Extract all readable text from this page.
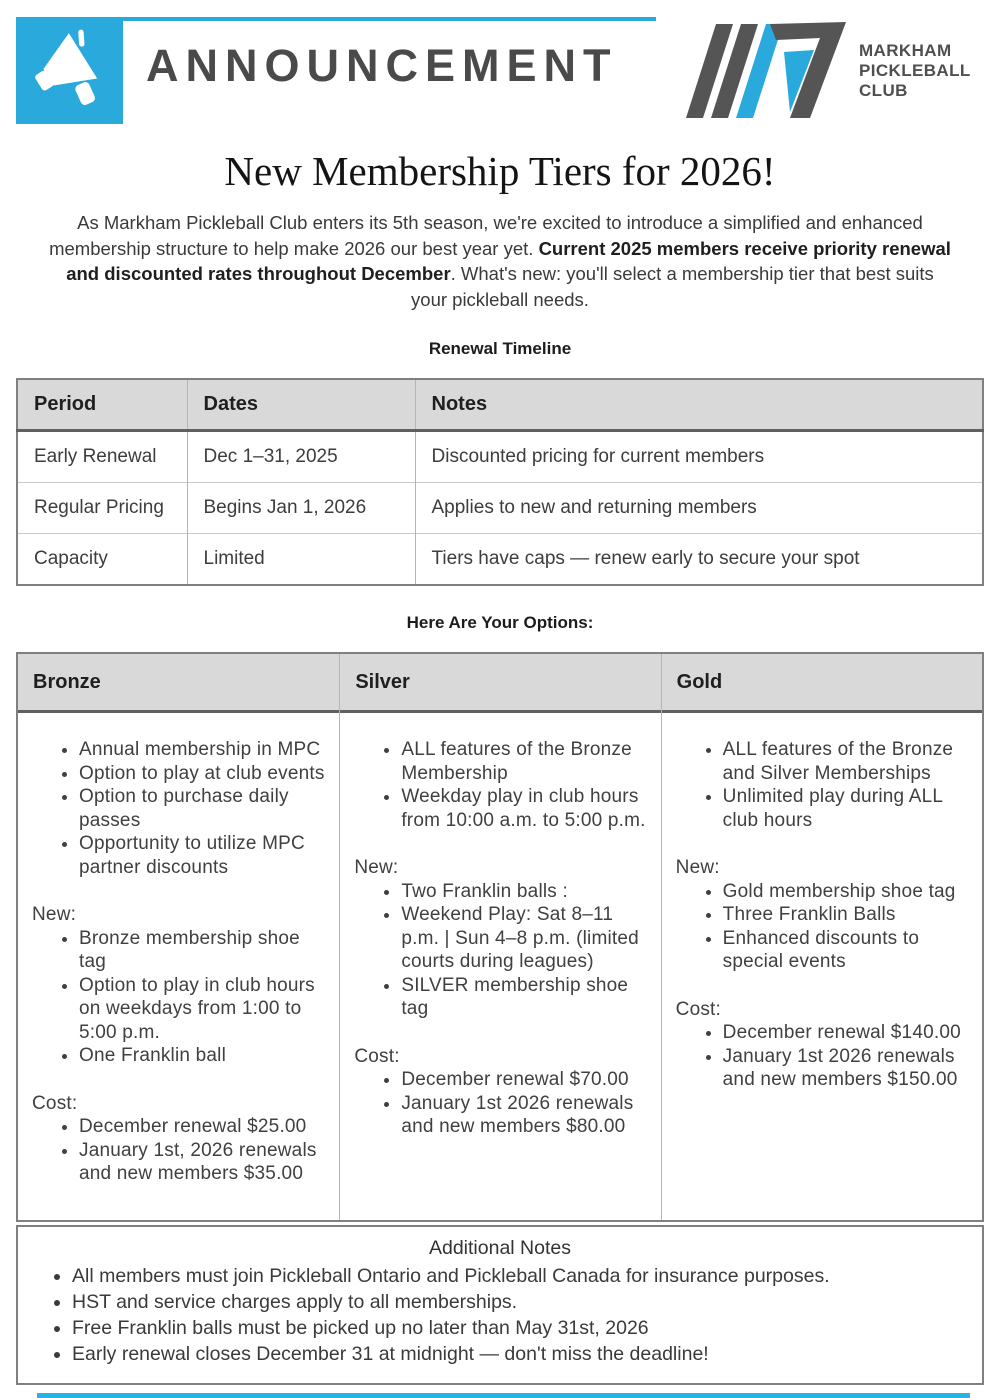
ANNOUNCEMENT	MARKHAM
PICKLEBALL
CLUB
New Membership Tiers for 2026!

As Markham Pickleball Club enters its 5th season, we're excited to introduce a simplified and enhanced membership structure to help make 2026 our best year yet. Current 2025 members receive priority renewal and discounted rates throughout December. What's new: you'll select a membership tier that best suits your pickleball needs.

Renewal Timeline
Period	Dates	Notes
Early Renewal	Dec 1–31, 2025	Discounted pricing for current members
Regular Pricing	Begins Jan 1, 2026	Applies to new and returning members
Capacity	Limited	Tiers have caps — renew early to secure your spot
Here Are Your Options:
Bronze
• Annual membership in MPC
• Option to play at club events
• Option to purchase daily passes
• Opportunity to utilize MPC partner discounts
New:
• Bronze membership shoe tag
• Option to play in club hours on weekdays from 1:00 to 5:00 p.m.
• One Franklin ball
Cost:
• December renewal $25.00
• January 1st, 2026 renewals and new members $35.00
Silver
• ALL features of the Bronze Membership
• Weekday play in club hours from 10:00 a.m. to 5:00 p.m.
New:
• Two Franklin balls :
• Weekend Play: Sat 8–11 p.m. | Sun 4–8 p.m. (limited courts during leagues)
• SILVER membership shoe tag
Cost:
• December renewal $70.00
• January 1st 2026 renewals and new members $80.00
Gold
• ALL features of the Bronze and Silver Memberships
• Unlimited play during ALL club hours
New:
• Gold membership shoe tag
• Three Franklin Balls
• Enhanced discounts to special events
Cost:
• December renewal $140.00
• January 1st 2026 renewals and new members $150.00
Additional Notes
• All members must join Pickleball Ontario and Pickleball Canada for insurance purposes.
• HST and service charges apply to all memberships.
• Free Franklin balls must be picked up no later than May 31st, 2026
• Early renewal closes December 31 at midnight — don't miss the deadline!
